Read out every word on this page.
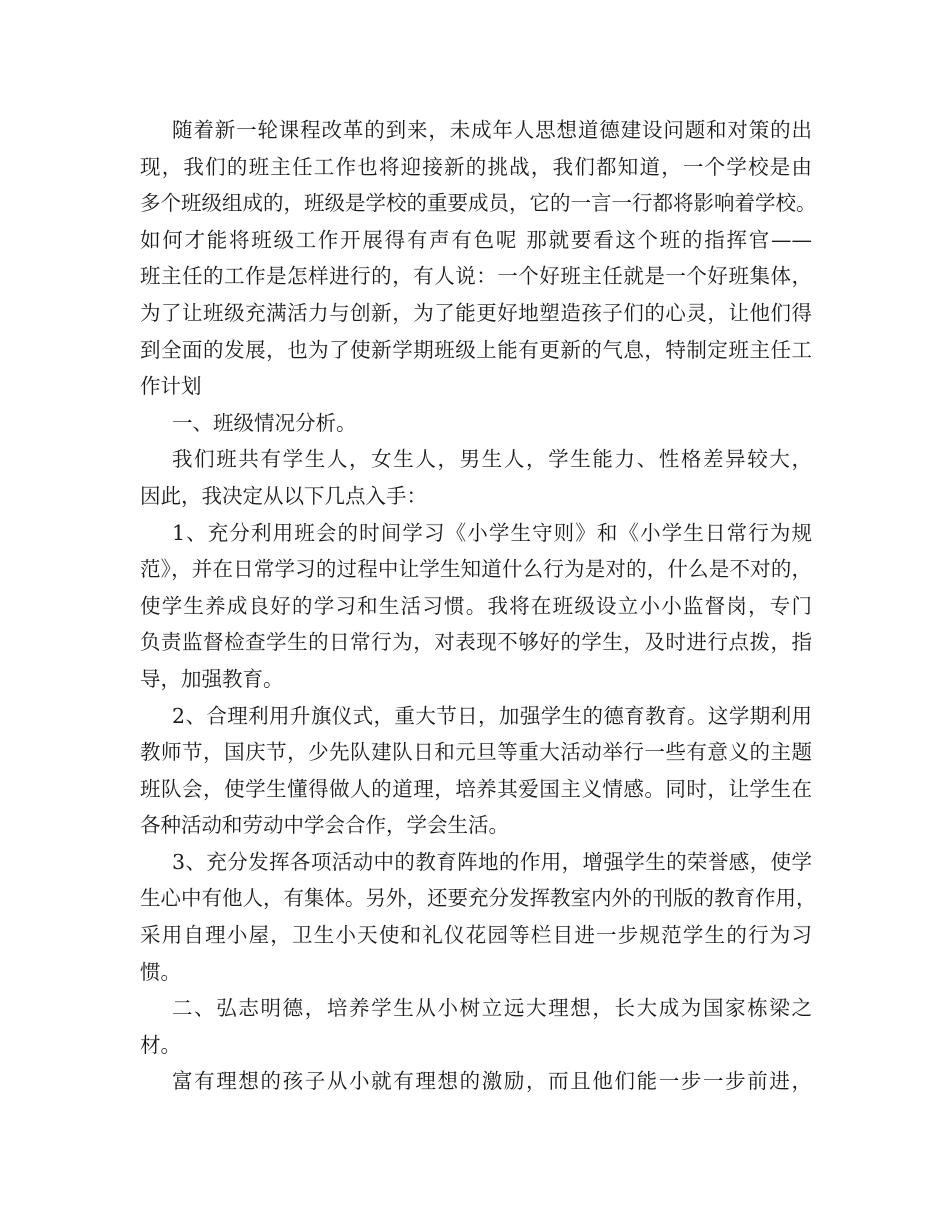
随着新一轮课程改革的到来，未成年人思想道德建设问题和对策的出
现，我们的班主任工作也将迎接新的挑战，我们都知道，一个学校是由
多个班级组成的，班级是学校的重要成员，它的一言一行都将影响着学校。
如何才能将班级工作开展得有声有色呢 那就要看这个班的指挥官——
班主任的工作是怎样进行的，有人说：一个好班主任就是一个好班集体，
为了让班级充满活力与创新，为了能更好地塑造孩子们的心灵，让他们得
到全面的发展，也为了使新学期班级上能有更新的气息，特制定班主任工
作计划
一、班级情况分析。
我们班共有学生人，女生人，男生人，学生能力、性格差异较大，
因此，我决定从以下几点入手：
1、充分利用班会的时间学习《小学生守则》和《小学生日常行为规
范》，并在日常学习的过程中让学生知道什么行为是对的，什么是不对的，
使学生养成良好的学习和生活习惯。我将在班级设立小小监督岗，专门
负责监督检查学生的日常行为，对表现不够好的学生，及时进行点拨，指
导，加强教育。
2、合理利用升旗仪式，重大节日，加强学生的德育教育。这学期利用
教师节，国庆节，少先队建队日和元旦等重大活动举行一些有意义的主题
班队会，使学生懂得做人的道理，培养其爱国主义情感。同时，让学生在
各种活动和劳动中学会合作，学会生活。
3、充分发挥各项活动中的教育阵地的作用，增强学生的荣誉感，使学
生心中有他人，有集体。另外，还要充分发挥教室内外的刊版的教育作用，
采用自理小屋，卫生小天使和礼仪花园等栏目进一步规范学生的行为习
惯。
二、弘志明德，培养学生从小树立远大理想，长大成为国家栋梁之
材。
富有理想的孩子从小就有理想的激励，而且他们能一步一步前进，
